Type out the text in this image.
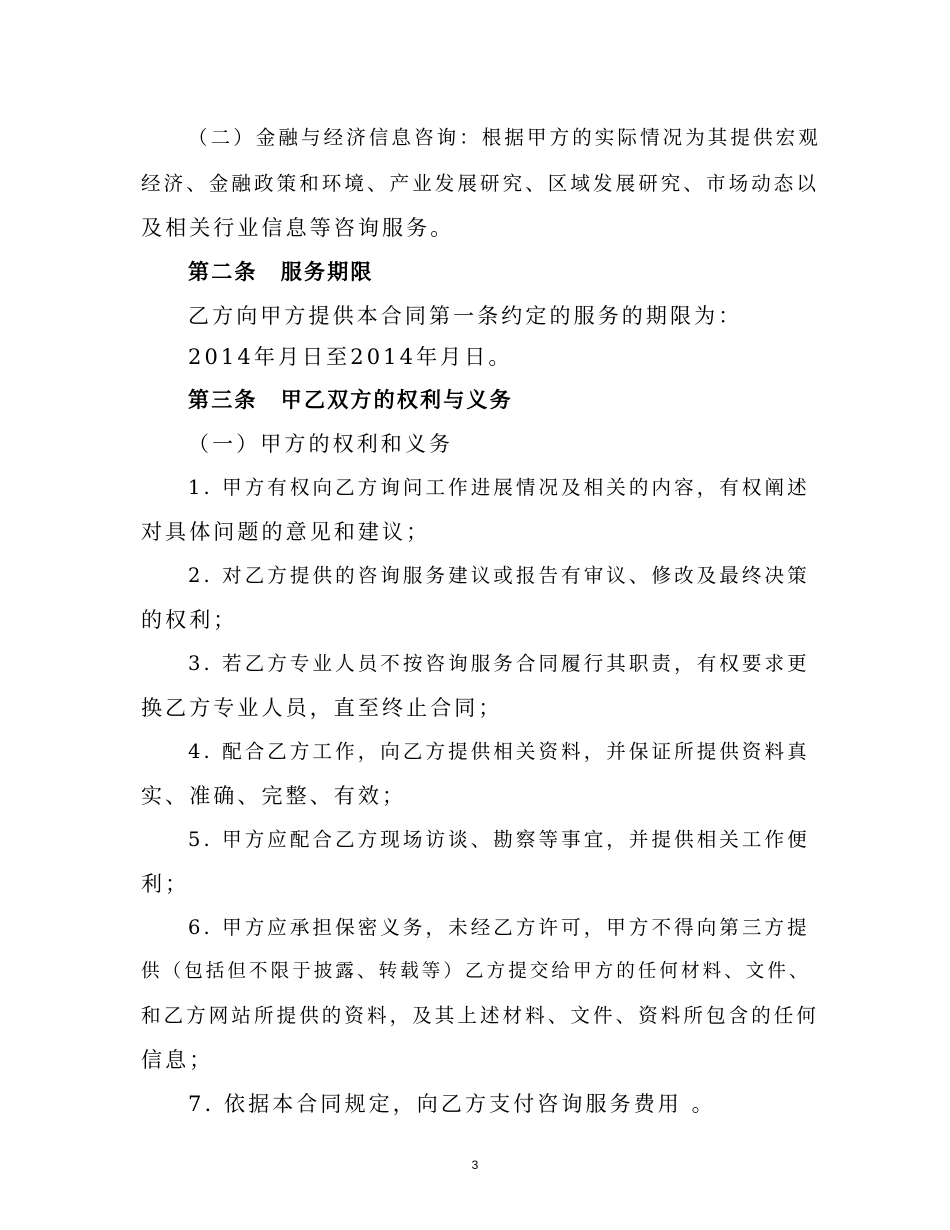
（二）金融与经济信息咨询：根据甲方的实际情况为其提供宏观
经济、金融政策和环境、产业发展研究、区域发展研究、市场动态以
及相关行业信息等咨询服务。
第二条　服务期限
乙方向甲方提供本合同第一条约定的服务的期限为：
2014年月日至2014年月日。
第三条　甲乙双方的权利与义务
（一）甲方的权利和义务
1. 甲方有权向乙方询问工作进展情况及相关的内容，有权阐述
对具体问题的意见和建议；
2. 对乙方提供的咨询服务建议或报告有审议、修改及最终决策
的权利；
3. 若乙方专业人员不按咨询服务合同履行其职责，有权要求更
换乙方专业人员，直至终止合同；
4. 配合乙方工作，向乙方提供相关资料，并保证所提供资料真
实、准确、完整、有效；
5. 甲方应配合乙方现场访谈、勘察等事宜，并提供相关工作便
利；
6. 甲方应承担保密义务，未经乙方许可，甲方不得向第三方提
供（包括但不限于披露、转载等）乙方提交给甲方的任何材料、文件、
和乙方网站所提供的资料，及其上述材料、文件、资料所包含的任何
信息；
7. 依据本合同规定，向乙方支付咨询服务费用 。
3
